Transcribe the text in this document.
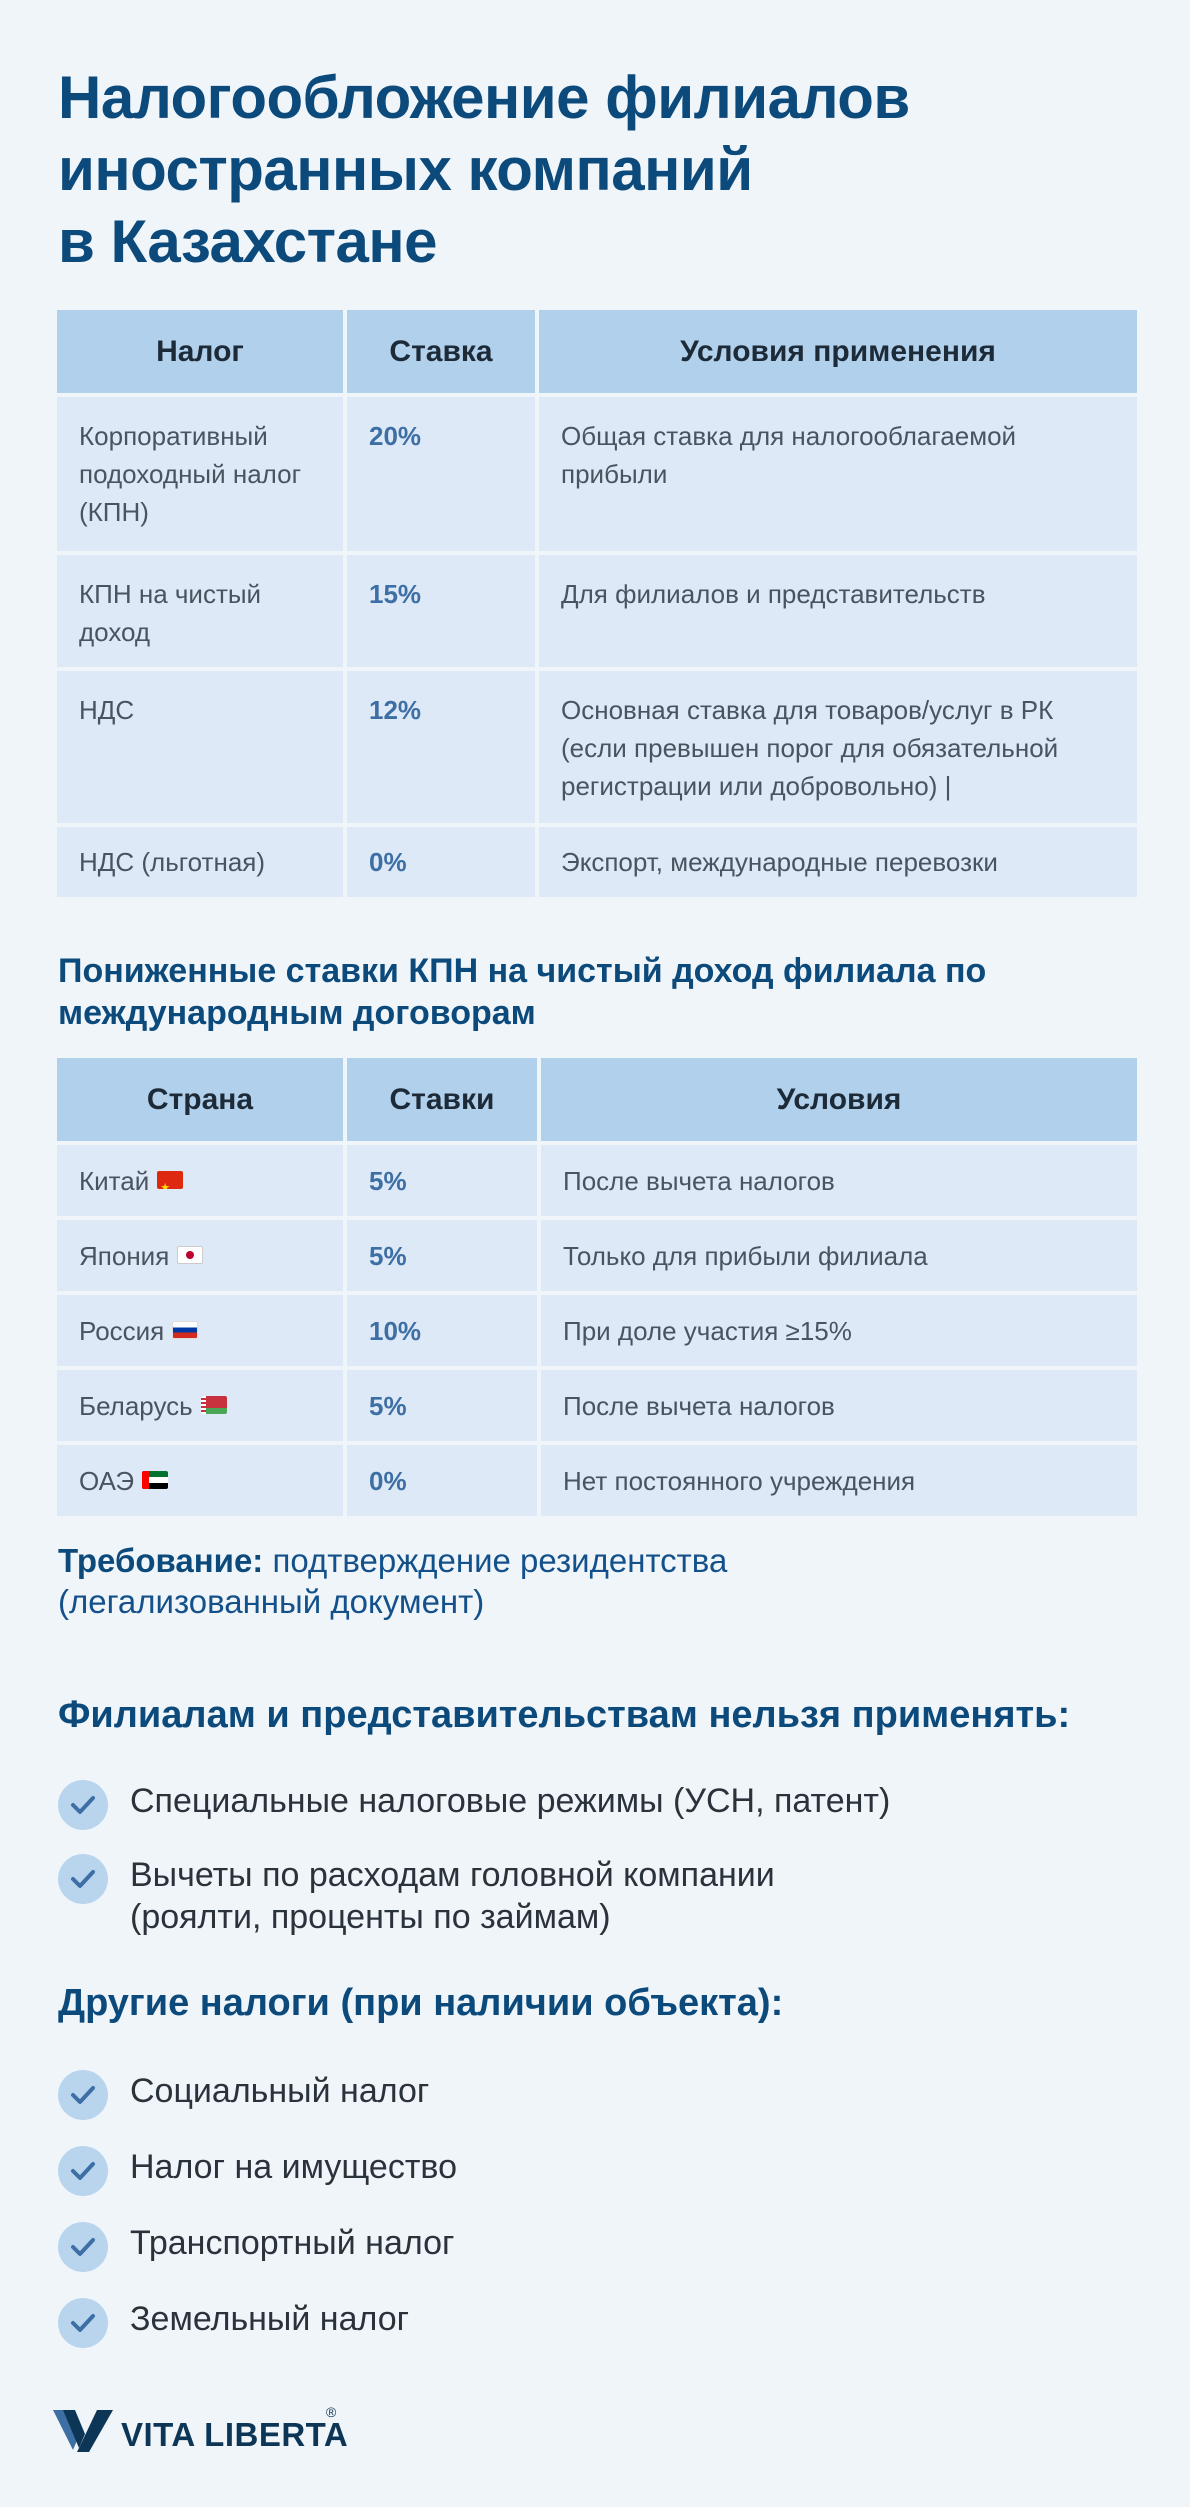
Налогообложение филиалов
иностранных компаний
в Казахстане
Налог	Ставка	Условия применения
Корпоративный подоходный налог (КПН)	20%	Общая ставка для налогооблагаемой прибыли
КПН на чистый доход	15%	Для филиалов и представительств
НДС	12%	Основная ставка для товаров/услуг в РК (если превышен порог для обязательной регистрации или добровольно) |
НДС (льготная)	0%	Экспорт, международные перевозки
Пониженные ставки КПН на чистый доход филиала по международным договорам
Страна	Ставки	Условия
Китай★	5%	После вычета налогов
Япония	5%	Только для прибыли филиала
Россия	10%	При доле участия ≥15%
Беларусь	5%	После вычета налогов
ОАЭ	0%	Нет постоянного учреждения

Требование: подтверждение резидентства (легализованный документ)

Филиалам и представительствам нельзя применять:
Специальные налоговые режимы (УСН, патент)
Вычеты по расходам головной компании (роялти, проценты по займам)
Другие налоги (при наличии объекта):
Социальный налог
Налог на имущество
Транспортный налог
Земельный налог
VITA LIBERTA
®
